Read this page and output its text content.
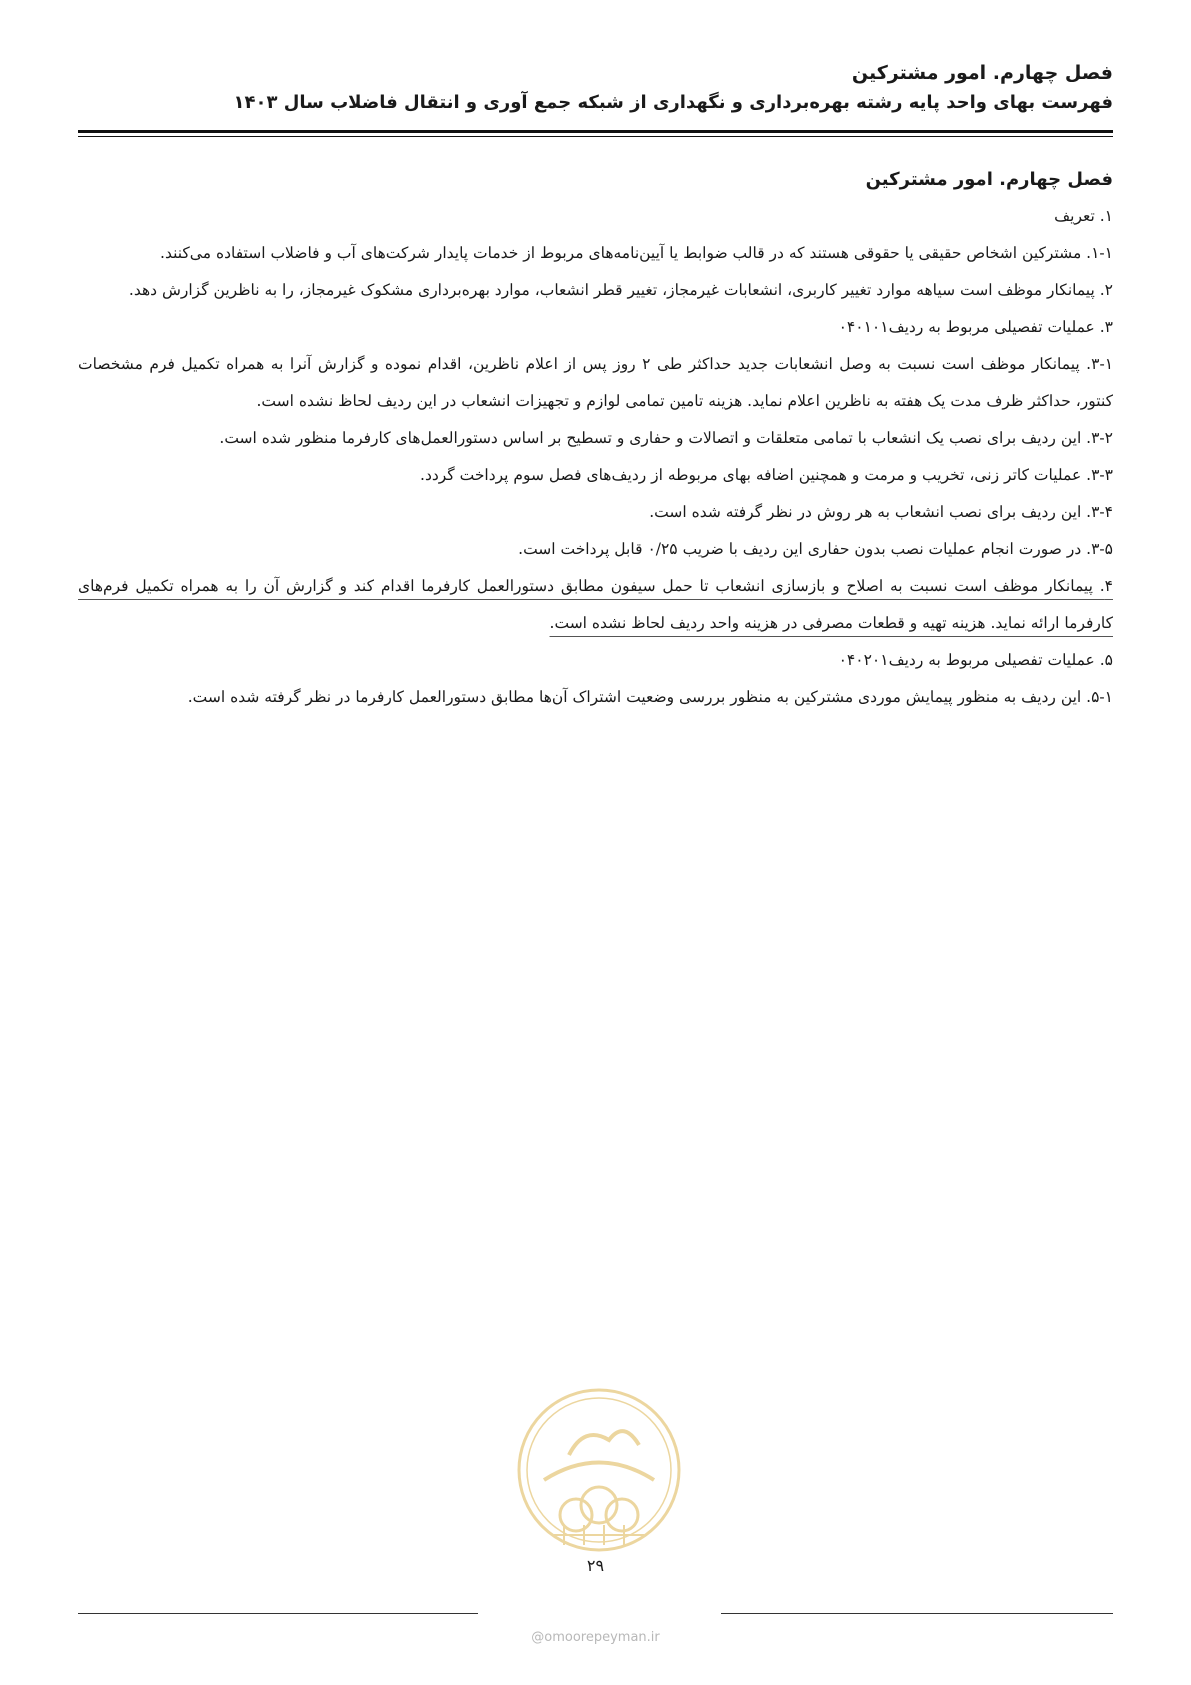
فصل چهارم. امور مشترکین
فهرست بهای واحد پایه رشته بهره‌برداری و نگهداری از شبکه جمع آوری و انتقال فاضلاب سال ۱۴۰۳
فصل چهارم. امور مشترکین

۱. تعریف

۱-۱. مشترکین اشخاص حقیقی یا حقوقی هستند که در قالب ضوابط یا آیین‌نامه‌های مربوط از خدمات پایدار شرکت‌های آب و فاضلاب استفاده می‌کنند.

۲. پیمانکار موظف است سیاهه موارد تغییر کاربری، انشعابات غیرمجاز، تغییر قطر انشعاب، موارد بهره‌برداری مشکوک غیرمجاز، را به ناظرین گزارش دهد.

۳. عملیات تفصیلی مربوط به ردیف۰۴۰۱۰۱

۳-۱. پیمانکار موظف است نسبت به وصل انشعابات جدید حداکثر طی ۲ روز پس از اعلام ناظرین، اقدام نموده و گزارش آنرا به همراه تکمیل فرم مشخصات کنتور، حداکثر ظرف مدت یک هفته به ناظرین اعلام نماید. هزینه تامین تمامی لوازم و تجهیزات انشعاب در این ردیف لحاظ نشده است.

۳-۲. این ردیف برای نصب یک انشعاب با تمامی متعلقات و اتصالات و حفاری و تسطیح بر اساس دستورالعمل‌های کارفرما منظور شده است.

۳-۳. عملیات کاتر زنی، تخریب و مرمت و همچنین اضافه بهای مربوطه از ردیف‌های فصل سوم پرداخت گردد.

۳-۴. این ردیف برای نصب انشعاب به هر روش در نظر گرفته شده است.

۳-۵. در صورت انجام عملیات نصب بدون حفاری این ردیف با ضریب ۰/۲۵ قابل پرداخت است.

۴. پیمانکار موظف است نسبت به اصلاح و بازسازی انشعاب تا حمل سیفون مطابق دستورالعمل کارفرما اقدام کند و گزارش آن را به همراه تکمیل فرم‌های کارفرما ارائه نماید. هزینه تهیه و قطعات مصرفی در هزینه واحد ردیف لحاظ نشده است.

۵. عملیات تفصیلی مربوط به ردیف۰۴۰۲۰۱

۵-۱. این ردیف به منظور پیمایش موردی مشترکین به منظور بررسی وضعیت اشتراک آن‌ها مطابق دستورالعمل کارفرما در نظر گرفته شده است.

۲۹
@omoorepeyman.ir
